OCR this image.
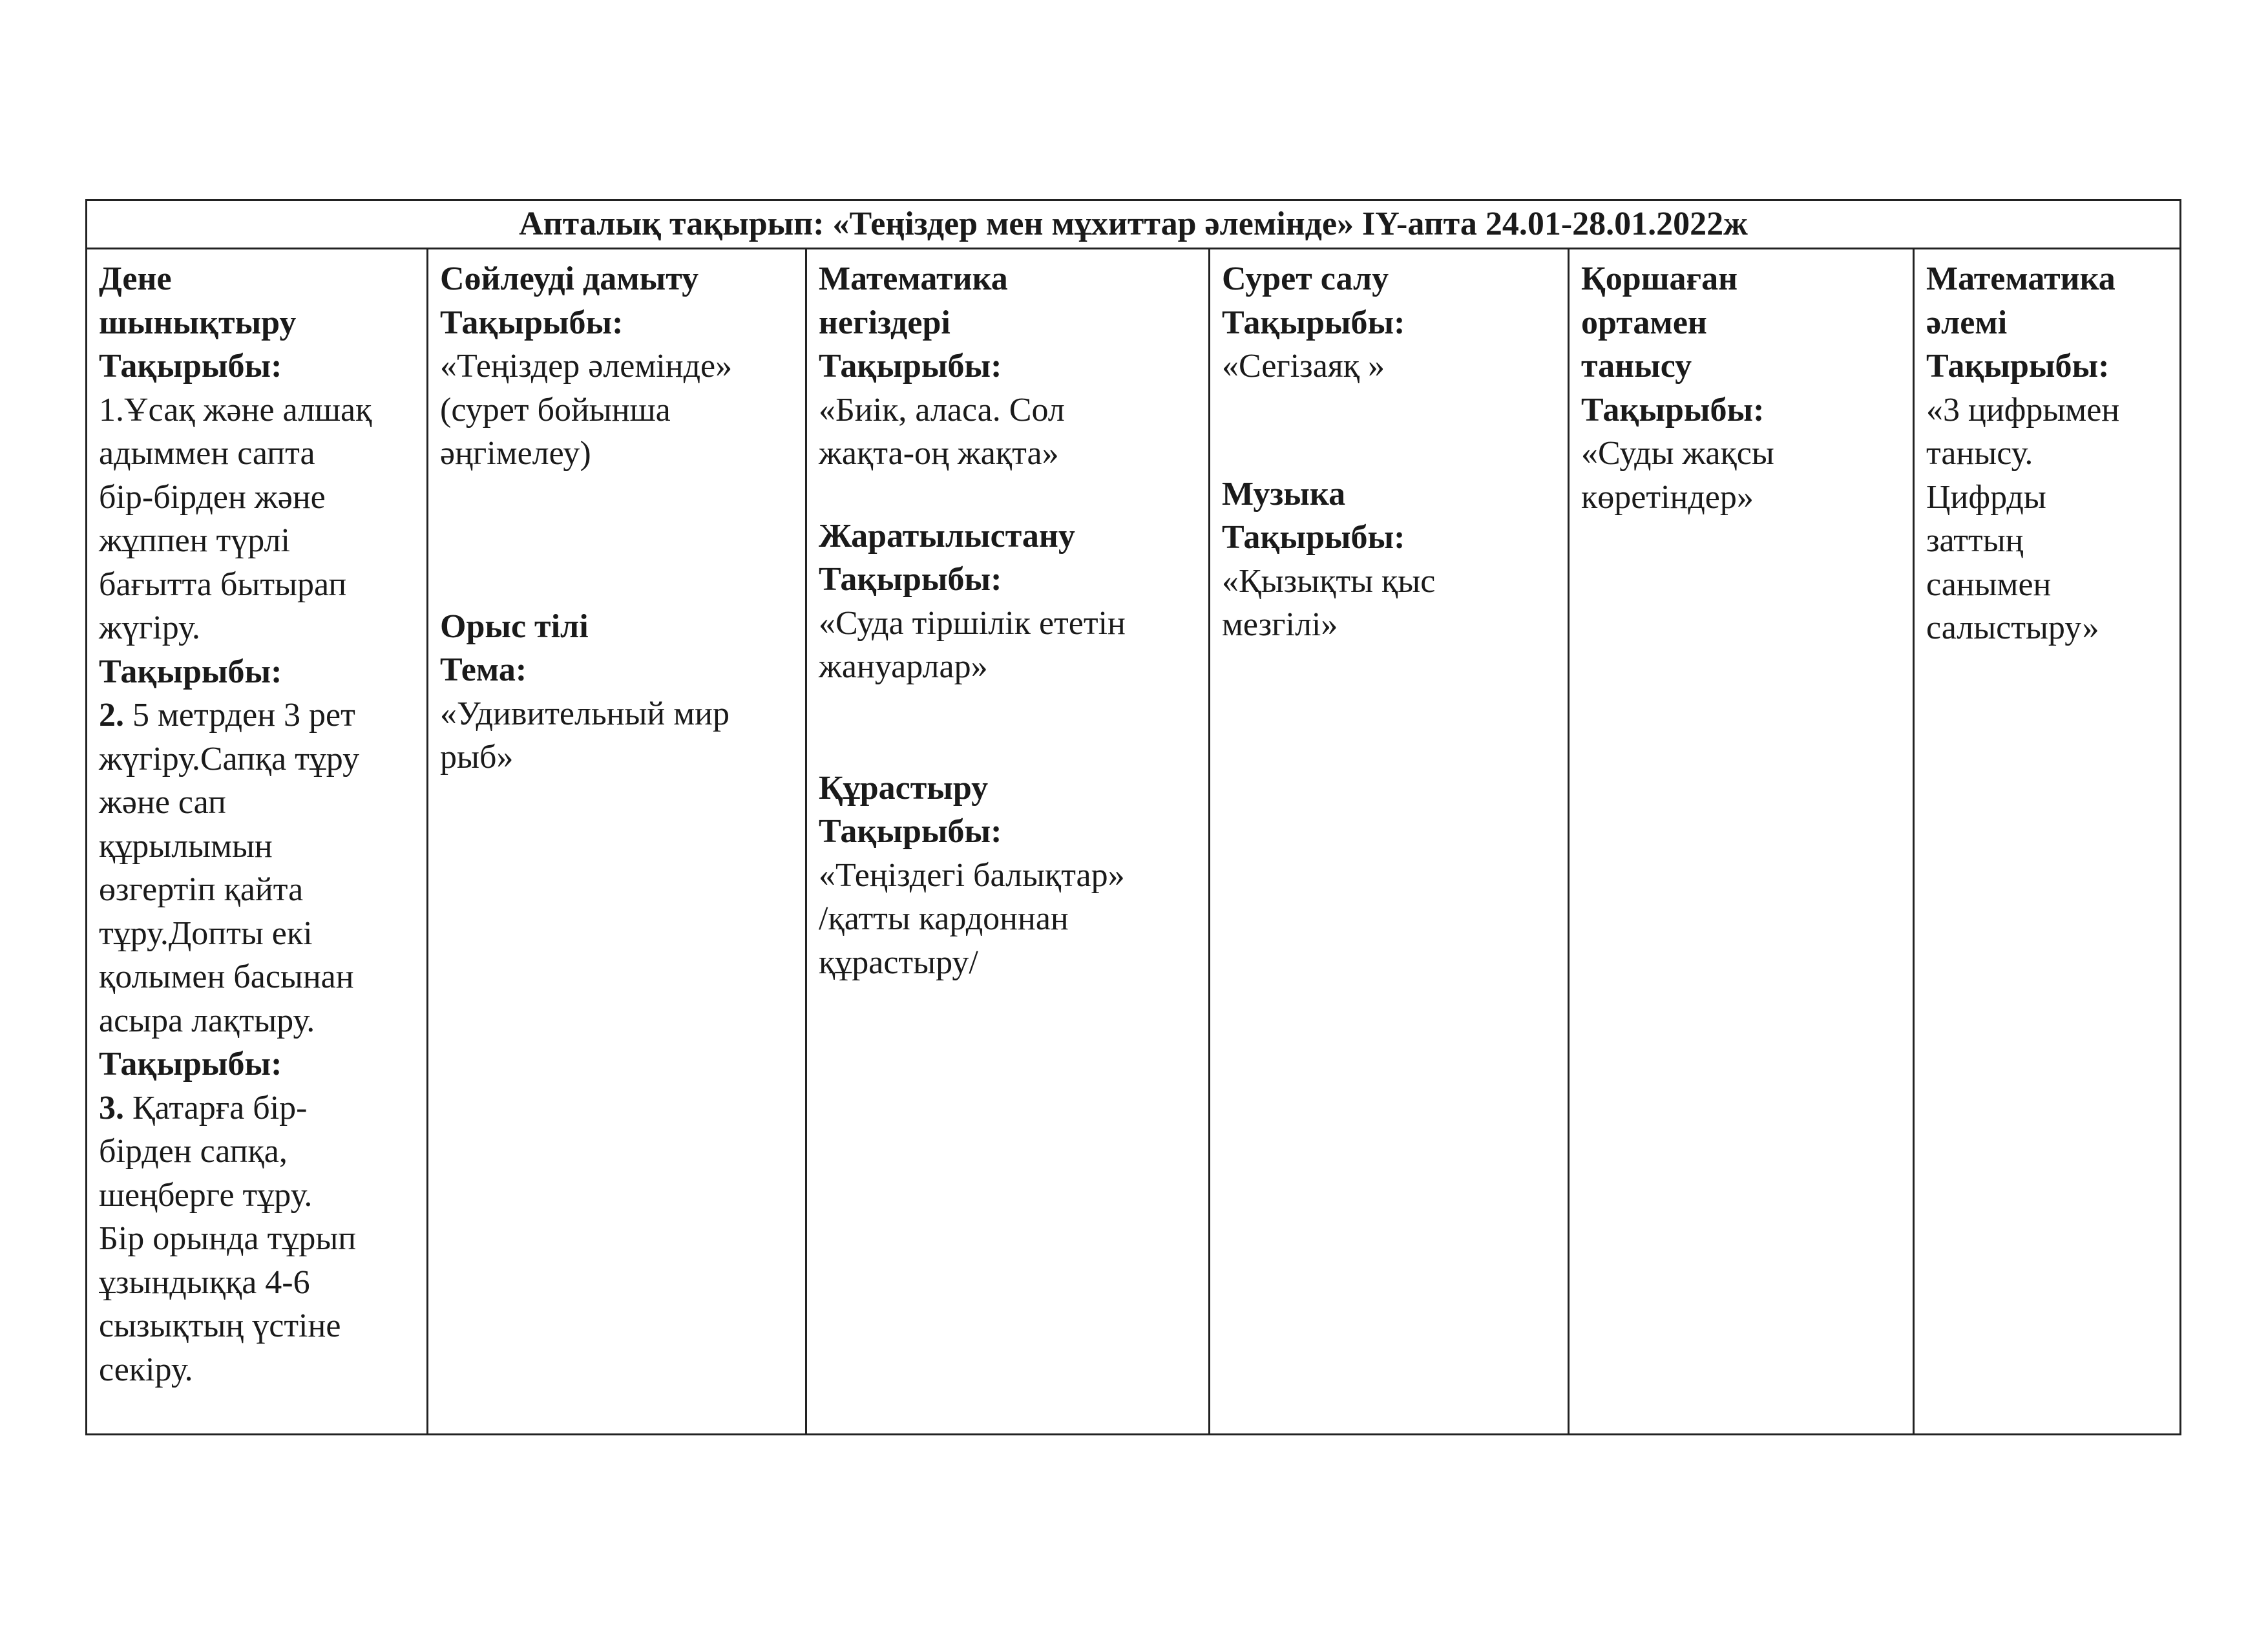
Апталық тақырып: «Теңіздер мен мұхиттар әлемінде» IY-апта 24.01-28.01.2022ж

Дене

шынықтыру

Тақырыбы:

1.Ұсақ және алшақ

адыммен сапта

бір-бірден және

жұппен түрлі

бағытта бытырап

жүгіру.

Тақырыбы:

2. 5 метрден 3 рет

жүгіру.Сапқа тұру

және сап

құрылымын

өзгертіп қайта

тұру.Допты екі

қолымен басынан

асыра лақтыру.

Тақырыбы:

3. Қатарға бір-

бірден сапқа,

шеңберге тұру.

Бір орында тұрып

ұзындыққа 4-6

сызықтың үстіне

секіру.

Сөйлеуді дамыту

Тақырыбы:

«Теңіздер әлемінде»

(сурет бойынша

әңгімелеу)

Орыс тілі

Тема:

«Удивительный мир

рыб»

Математика

негіздері

Тақырыбы:

«Биік, аласа. Сол

жақта-оң жақта»

Жаратылыстану

Тақырыбы:

«Суда тіршілік ететін

жануарлар»

Құрастыру

Тақырыбы:

«Теңіздегі балықтар»

/қатты кардоннан

құрастыру/

Сурет салу

Тақырыбы:

«Сегізаяқ »

Музыка

Тақырыбы:

«Қызықты қыс

мезгілі»

Қоршаған

ортамен

танысу

Тақырыбы:

«Суды жақсы

көретіндер»

Математика

әлемі

Тақырыбы:

«3 цифрымен

танысу.

Цифрды

заттың

санымен

салыстыру»
